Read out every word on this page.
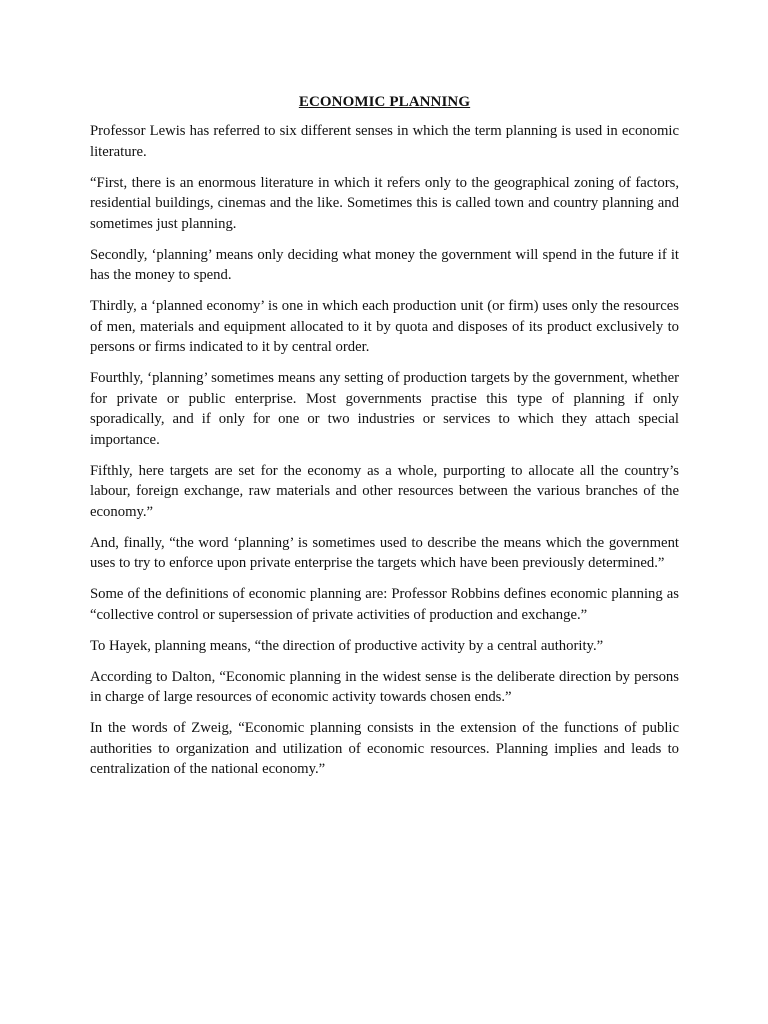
ECONOMIC PLANNING

Professor Lewis has referred to six different senses in which the term planning is used in economic literature.

“First, there is an enormous literature in which it refers only to the geographical zoning of factors, residential buildings, cinemas and the like. Sometimes this is called town and country planning and sometimes just planning.

Secondly, ‘planning’ means only deciding what money the government will spend in the future if it has the money to spend.

Thirdly, a ‘planned economy’ is one in which each production unit (or firm) uses only the resources of men, materials and equipment allocated to it by quota and disposes of its product exclusively to persons or firms indicated to it by central order.

Fourthly, ‘planning’ sometimes means any setting of production targets by the government, whether for private or public enterprise. Most governments practise this type of planning if only sporadically, and if only for one or two industries or services to which they attach special importance.

Fifthly, here targets are set for the economy as a whole, purporting to allocate all the country’s labour, foreign exchange, raw materials and other resources between the various branches of the economy.”

And, finally, “the word ‘planning’ is sometimes used to describe the means which the government uses to try to enforce upon private enterprise the targets which have been previously determined.”

Some of the definitions of economic planning are: Professor Robbins defines economic planning as “collective control or supersession of private activities of production and exchange.”

To Hayek, planning means, “the direction of productive activity by a central authority.”

According to Dalton, “Economic planning in the widest sense is the deliberate direction by persons in charge of large resources of economic activity towards chosen ends.”

In the words of Zweig, “Economic planning consists in the extension of the functions of public authorities to organization and utilization of economic resources. Planning implies and leads to centralization of the national economy.”
